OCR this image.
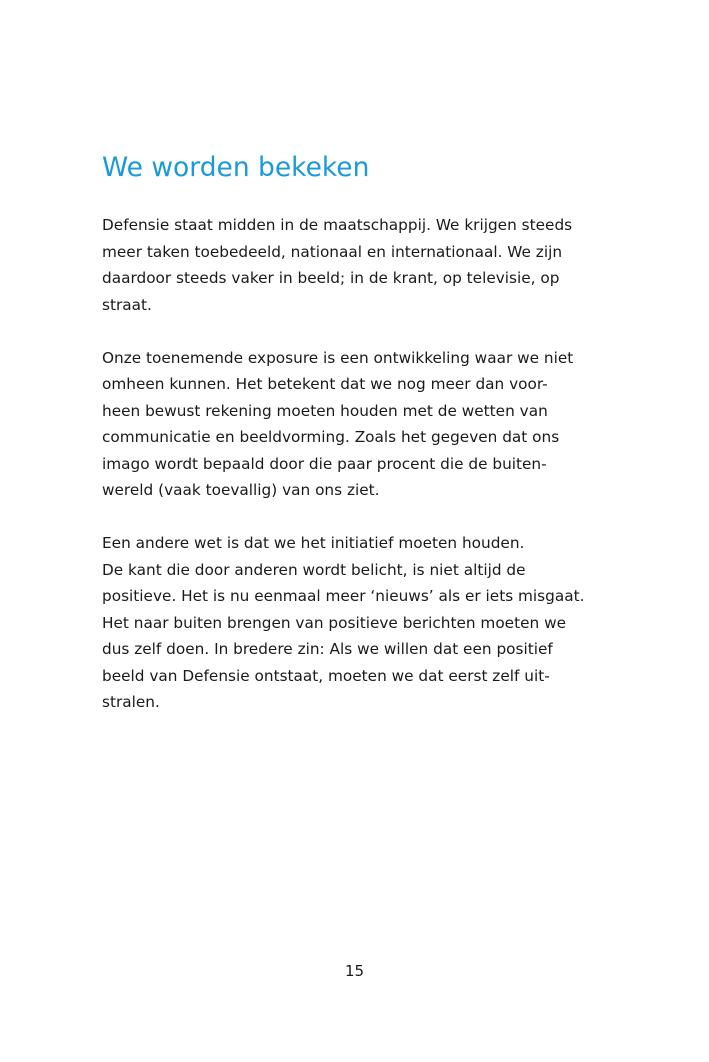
We worden bekeken

Defensie staat midden in de maatschappij. We krijgen steeds
meer taken toebedeeld, nationaal en internationaal. We zijn
daardoor steeds vaker in beeld; in de krant, op televisie, op
straat.

Onze toenemende exposure is een ontwikkeling waar we niet
omheen kunnen. Het betekent dat we nog meer dan voor-
heen bewust rekening moeten houden met de wetten van
communicatie en beeldvorming. Zoals het gegeven dat ons
imago wordt bepaald door die paar procent die de buiten-
wereld (vaak toevallig) van ons ziet.

Een andere wet is dat we het initiatief moeten houden.
De kant die door anderen wordt belicht, is niet altijd de
positieve. Het is nu eenmaal meer ‘nieuws’ als er iets misgaat.
Het naar buiten brengen van positieve berichten moeten we
dus zelf doen. In bredere zin: Als we willen dat een positief
beeld van Defensie ontstaat, moeten we dat eerst zelf uit-
stralen.

15
